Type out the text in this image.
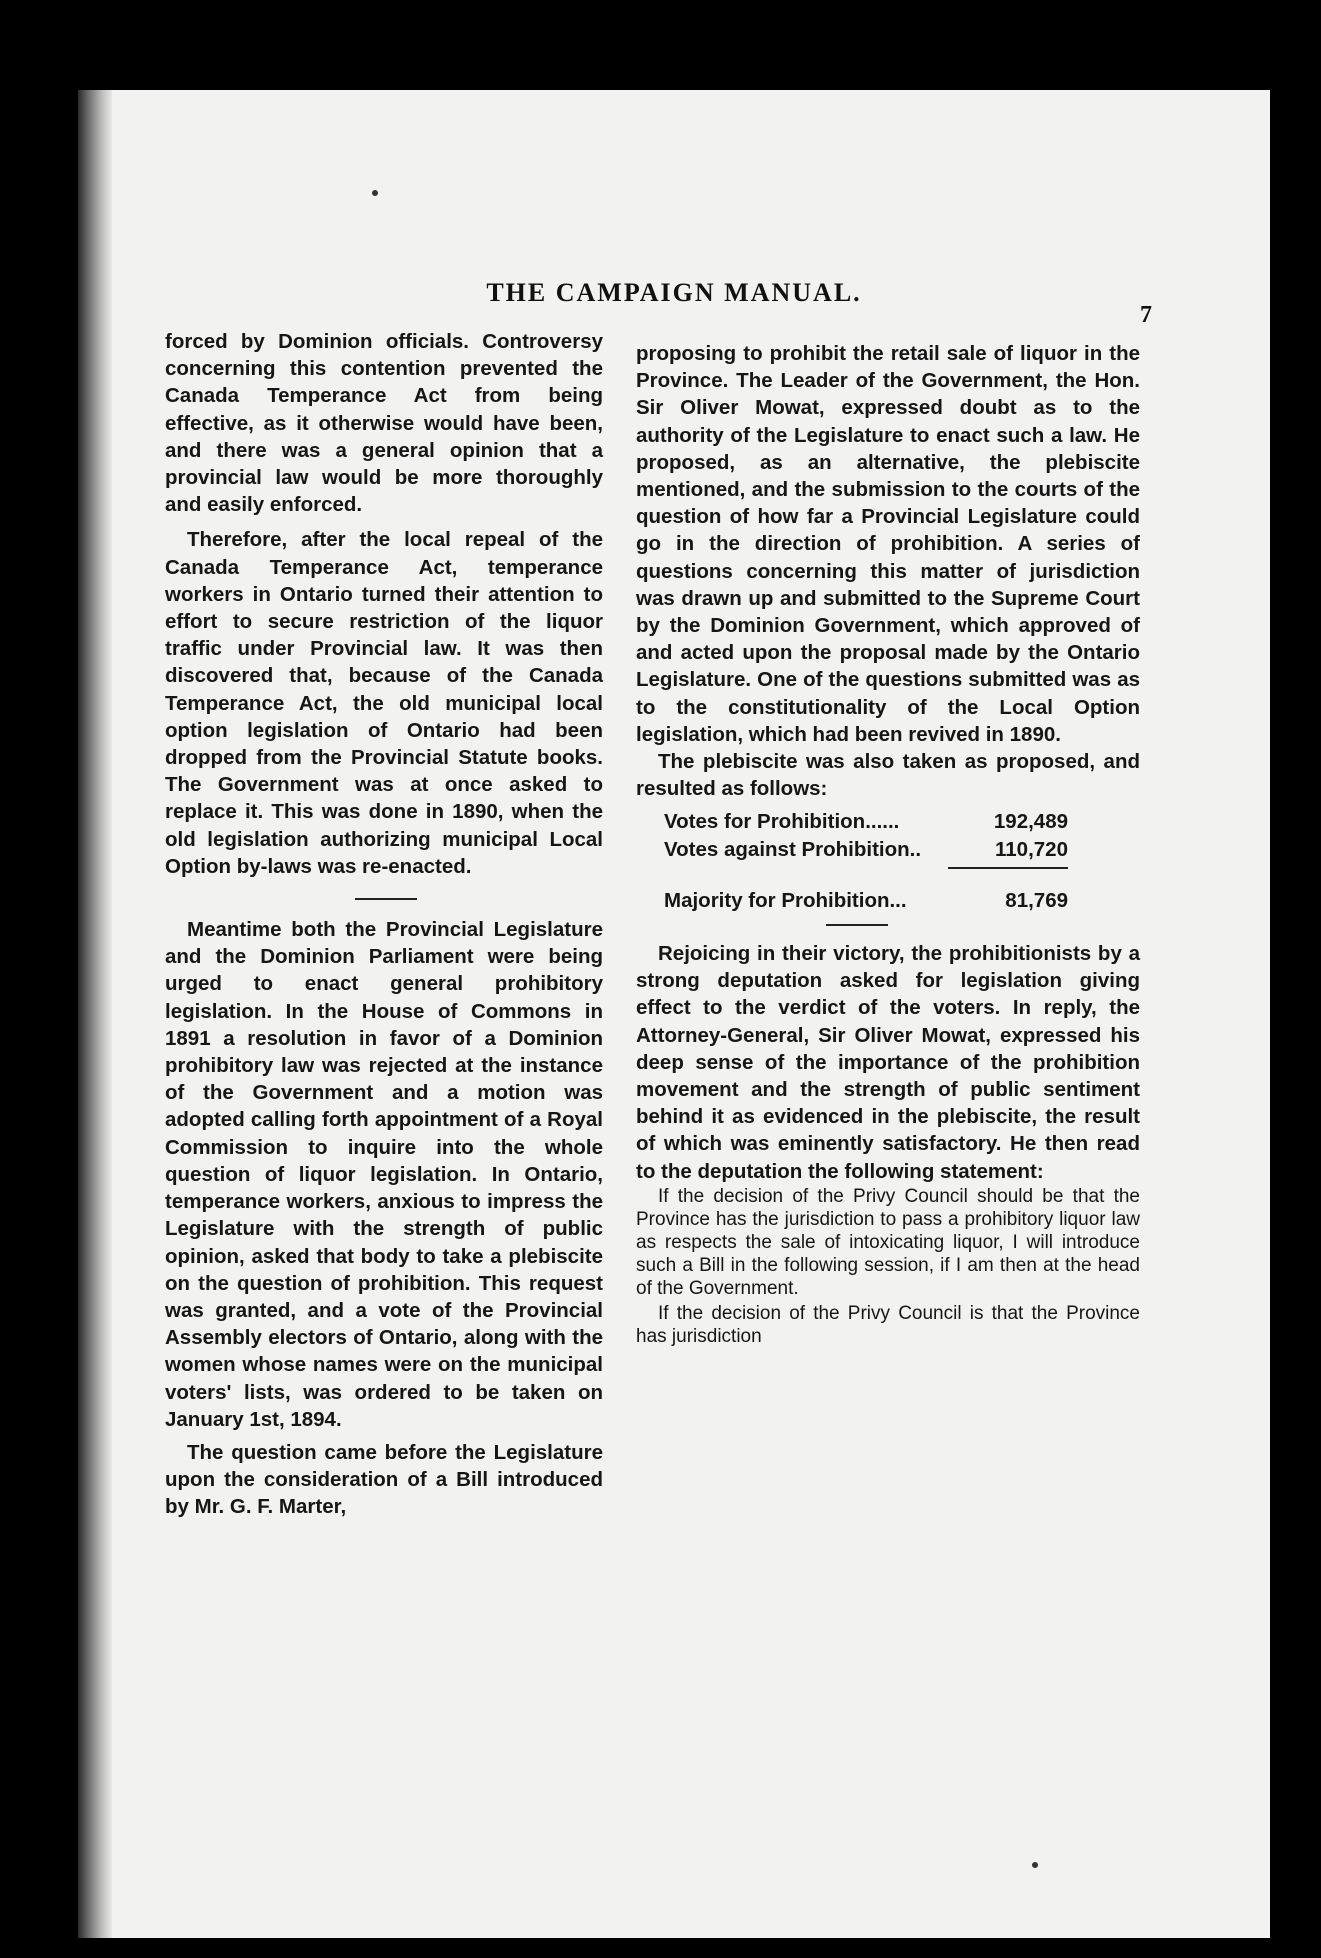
THE CAMPAIGN MANUAL.
7

forced by Dominion officials. Controversy concerning this contention prevented the Canada Temperance Act from being effective, as it otherwise would have been, and there was a general opinion that a provincial law would be more thoroughly and easily enforced.

Therefore, after the local repeal of the Canada Temperance Act, temperance workers in Ontario turned their attention to effort to secure restriction of the liquor traffic under Provincial law. It was then discovered that, because of the Canada Temperance Act, the old municipal local option legislation of Ontario had been dropped from the Provincial Statute books. The Government was at once asked to replace it. This was done in 1890, when the old legislation authorizing municipal Local Option by-laws was re-enacted.

Meantime both the Provincial Legislature and the Dominion Parliament were being urged to enact general prohibitory legislation. In the House of Commons in 1891 a resolution in favor of a Dominion prohibitory law was rejected at the instance of the Government and a motion was adopted calling forth appointment of a Royal Commission to inquire into the whole question of liquor legislation. In Ontario, temperance workers, anxious to impress the Legislature with the strength of public opinion, asked that body to take a plebiscite on the question of prohibition. This request was granted, and a vote of the Provincial Assembly electors of Ontario, along with the women whose names were on the municipal voters' lists, was ordered to be taken on January 1st, 1894.

The question came before the Legislature upon the consideration of a Bill introduced by Mr. G. F. Marter,

proposing to prohibit the retail sale of liquor in the Province. The Leader of the Government, the Hon. Sir Oliver Mowat, expressed doubt as to the authority of the Legislature to enact such a law. He proposed, as an alternative, the plebiscite mentioned, and the submission to the courts of the question of how far a Provincial Legislature could go in the direction of prohibition. A series of questions concerning this matter of jurisdiction was drawn up and submitted to the Supreme Court by the Dominion Government, which approved of and acted upon the proposal made by the Ontario Legislature. One of the questions submitted was as to the constitutionality of the Local Option legislation, which had been revived in 1890.

The plebiscite was also taken as proposed, and resulted as follows:

Votes for Prohibition......	192,489
Votes against Prohibition..	110,720
Majority for Prohibition...	81,769

Rejoicing in their victory, the prohibitionists by a strong deputation asked for legislation giving effect to the verdict of the voters. In reply, the Attorney-General, Sir Oliver Mowat, expressed his deep sense of the importance of the prohibition movement and the strength of public sentiment behind it as evidenced in the plebiscite, the result of which was eminently satisfactory. He then read to the deputation the following statement:

If the decision of the Privy Council should be that the Province has the jurisdiction to pass a prohibitory liquor law as respects the sale of intoxicating liquor, I will introduce such a Bill in the following session, if I am then at the head of the Government.

If the decision of the Privy Council is that the Province has jurisdiction
